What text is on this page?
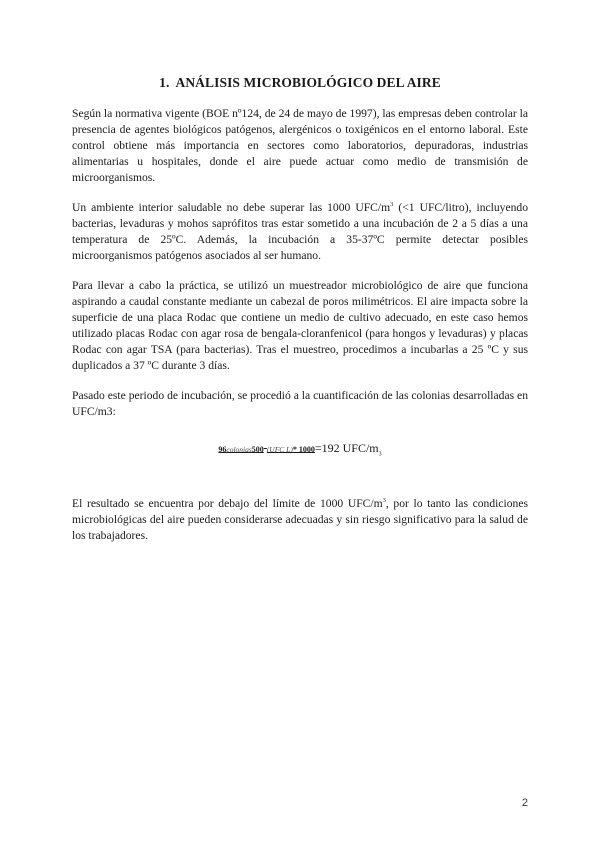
1. ANÁLISIS MICROBIOLÓGICO DEL AIRE

Según la normativa vigente (BOE nº124, de 24 de mayo de 1997), las empresas deben controlar la presencia de agentes biológicos patógenos, alergénicos o toxigénicos en el entorno laboral. Este control obtiene más importancia en sectores como laboratorios, depuradoras, industrias alimentarias u hospitales, donde el aire puede actuar como medio de transmisión de microorganismos.

Un ambiente interior saludable no debe superar las 1000 UFC/$m^3$ (<1 UFC/litro), incluyendo bacterias, levaduras y mohos saprófitos tras estar sometido a una incubación de 2 a 5 días a una temperatura de 25ºC. Además, la incubación a 35-37ºC permite detectar posibles microorganismos patógenos asociados al ser humano.

Para llevar a cabo la práctica, se utilizó un muestreador microbiológico de aire que funciona aspirando a caudal constante mediante un cabezal de poros milimétricos. El aire impacta sobre la superficie de una placa Rodac que contiene un medio de cultivo adecuado, en este caso hemos utilizado placas Rodac con agar rosa de bengala-cloranfenicol (para hongos y levaduras) y placas Rodac con agar TSA (para bacterias). Tras el muestreo, procedimos a incubarlas a 25 ºC y sus duplicados a 37 ºC durante 3 días.

Pasado este periodo de incubación, se procedió a la cuantificación de las colonias desarrolladas en UFC/m3:

96colonias500 (UFC L)* 1000=192 UFC/$m_3$

El resultado se encuentra por debajo del límite de 1000 UFC/$m^3$, por lo tanto las condiciones microbiológicas del aire pueden considerarse adecuadas y sin riesgo significativo para la salud de los trabajadores.

2
